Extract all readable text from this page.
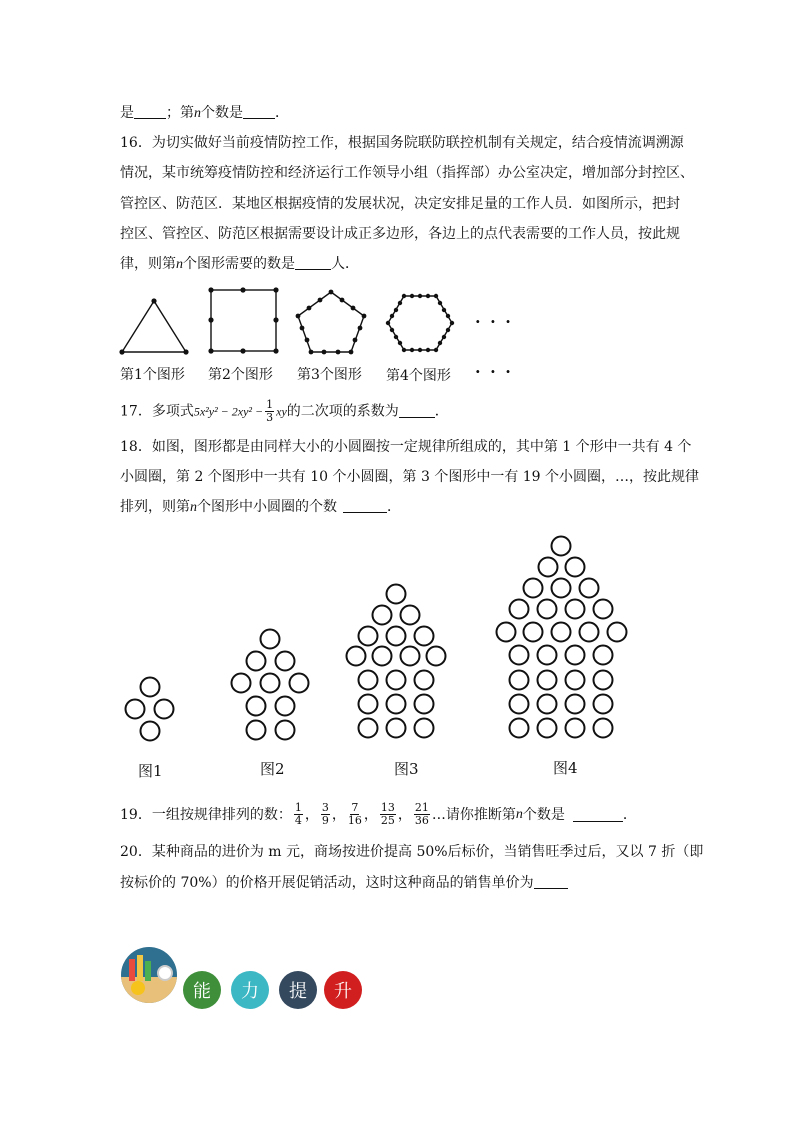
是 ；第n个数是 ．
16．为切实做好当前疫情防控工作，根据国务院联防联控机制有关规定，结合疫情流调溯源
情况，某市统筹疫情防控和经济运行工作领导小组（指挥部）办公室决定，增加部分封控区、
管控区、防范区．某地区根据疫情的发展状况，决定安排足量的工作人员．如图所示，把封
控区、管控区、防范区根据需要设计成正多边形，各边上的点代表需要的工作人员，按此规
律，则第n个图形需要的数是	人．
· · ·
· · ·
第1个图形 第2个图形 第3个图形 第4个图形
17．多项式$5x^2y^2 - 2xy^2 - \frac{1}{3}$ xy的二次项的系数为	．
18．如图，图形都是由同样大小的小圆圈按一定规律所组成的，其中第 1 个形中一共有 4 个
小圆圈，第 2 个图形中一共有 10 个小圆圈，第 3 个图形中一有 19 个小圆圈，…，按此规律
排列，则第n个图形中小圆圈的个数	．
图1	图2	图3	图4
19．一组按规律排列的数： $\frac{1}{4}$ ， $\frac{3}{9}$ ， $\frac{7}{16}$ ， $\frac{13}{25}$ ， $\frac{21}{36}$ …请你推断第 n 个数是	．
20．某种商品的进价为 m 元，商场按进价提高 50%后标价，当销售旺季过后，又以 7 折（即
按标价的 70%）的价格开展促销活动，这时这种商品的销售单价为
能	力	提	升
